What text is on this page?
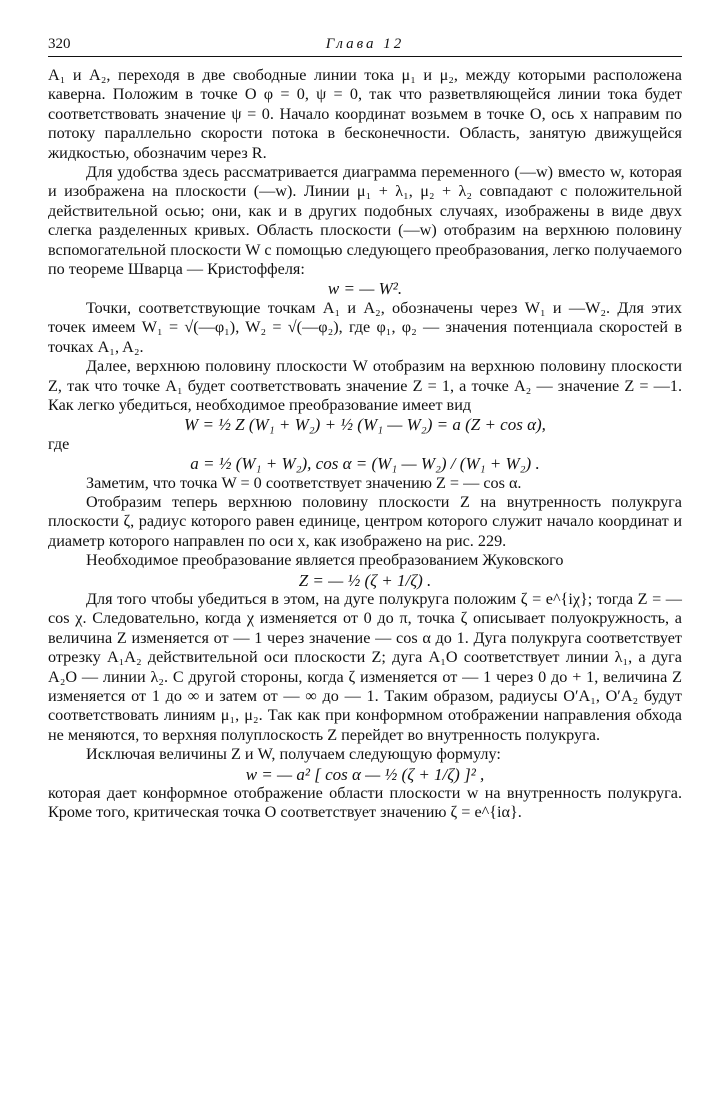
320	Глава 12

A₁ и A₂, переходя в две свободные линии тока μ₁ и μ₂, между которыми расположена каверна. Положим в точке O φ = 0, ψ = 0, так что разветвляющейся линии тока будет соответствовать значение ψ = 0. Начало координат возьмем в точке O, ось x направим по потоку параллельно скорости потока в бесконечности. Область, занятую движущейся жидкостью, обозначим через R.

Для удобства здесь рассматривается диаграмма переменного (—w) вместо w, которая и изображена на плоскости (—w). Линии μ₁ + λ₁, μ₂ + λ₂ совпадают с положительной действительной осью; они, как и в других подобных случаях, изображены в виде двух слегка разделенных кривых. Область плоскости (—w) отобразим на верхнюю половину вспомогательной плоскости W с помощью следующего преобразования, легко получаемого по теореме Шварца — Кристоффеля:

w = — W².

Точки, соответствующие точкам A₁ и A₂, обозначены через W₁ и —W₂. Для этих точек имеем W₁ = √(—φ₁), W₂ = √(—φ₂), где φ₁, φ₂ — значения потенциала скоростей в точках A₁, A₂.

Далее, верхнюю половину плоскости W отобразим на верхнюю половину плоскости Z, так что точке A₁ будет соответствовать значение Z = 1, а точке A₂ — значение Z = —1. Как легко убедиться, необходимое преобразование имеет вид

W = ½ Z (W₁ + W₂) + ½ (W₁ — W₂) = a (Z + cos α),

где

a = ½ (W₁ + W₂), cos α = (W₁ — W₂) / (W₁ + W₂) .

Заметим, что точка W = 0 соответствует значению Z = — cos α.

Отобразим теперь верхнюю половину плоскости Z на внутренность полукруга плоскости ζ, радиус которого равен единице, центром которого служит начало координат и диаметр которого направлен по оси x, как изображено на рис. 229.

Необходимое преобразование является преобразованием Жуковского

Z = — ½ (ζ + 1/ζ) .

Для того чтобы убедиться в этом, на дуге полукруга положим ζ = e^{iχ}; тогда Z = — cos χ. Следовательно, когда χ изменяется от 0 до π, точка ζ описывает полуокружность, а величина Z изменяется от — 1 через значение — cos α до 1. Дуга полукруга соответствует отрезку A₁A₂ действительной оси плоскости Z; дуга A₁O соответствует линии λ₁, а дуга A₂O — линии λ₂. С другой стороны, когда ζ изменяется от — 1 через 0 до + 1, величина Z изменяется от 1 до ∞ и затем от — ∞ до — 1. Таким образом, радиусы O′A₁, O′A₂ будут соответствовать линиям μ₁, μ₂. Так как при конформном отображении направления обхода не меняются, то верхняя полуплоскость Z перейдет во внутренность полукруга.

Исключая величины Z и W, получаем следующую формулу:

w = — a² [ cos α — ½ (ζ + 1/ζ) ]² ,

которая дает конформное отображение области плоскости w на внутренность полукруга. Кроме того, критическая точка O соответствует значению ζ = e^{iα}.
